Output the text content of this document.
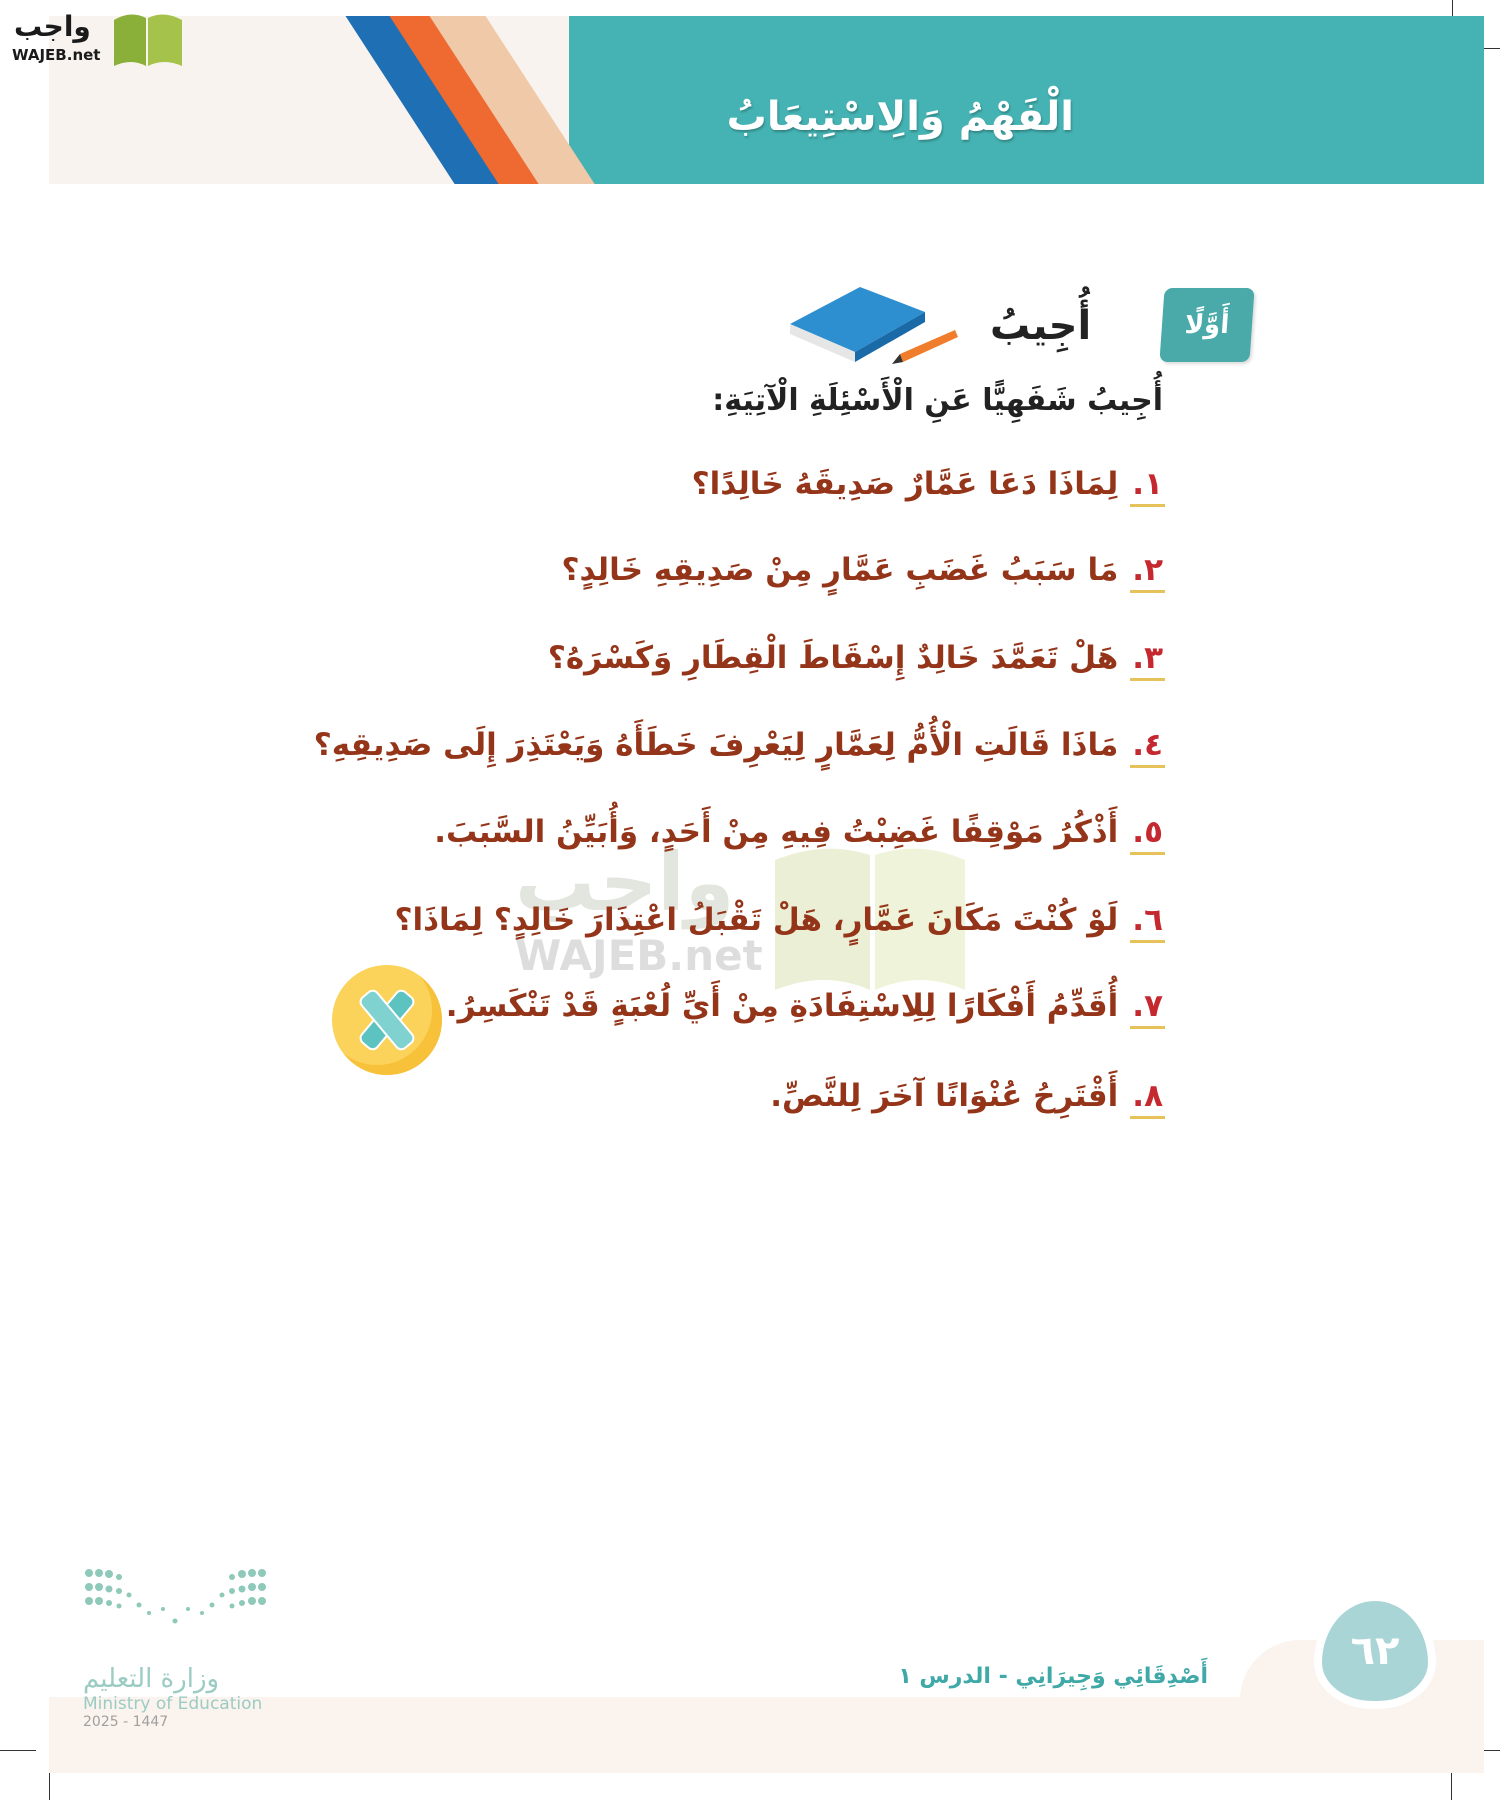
الْفَهْمُ وَالِاسْتِيعَابُ
واجب
WAJEB.net
أَوَّلًا
أُجِيبُ
أُجِيبُ شَفَهِيًّا عَنِ الْأَسْئِلَةِ الْآتِيَةِ:
واجب
WAJEB.net
١.لِمَاذَا دَعَا عَمَّارٌ صَدِيقَهُ خَالِدًا؟
٢.مَا سَبَبُ غَضَبِ عَمَّارٍ مِنْ صَدِيقِهِ خَالِدٍ؟
٣.هَلْ تَعَمَّدَ خَالِدٌ إِسْقَاطَ الْقِطَارِ وَكَسْرَهُ؟
٤.مَاذَا قَالَتِ الْأُمُّ لِعَمَّارٍ لِيَعْرِفَ خَطَأَهُ وَيَعْتَذِرَ إِلَى صَدِيقِهِ؟
٥.أَذْكُرُ مَوْقِفًا غَضِبْتُ فِيهِ مِنْ أَحَدٍ، وَأُبَيِّنُ السَّبَبَ.
٦.لَوْ كُنْتَ مَكَانَ عَمَّارٍ، هَلْ تَقْبَلُ اعْتِذَارَ خَالِدٍ؟ لِمَاذَا؟
٧.أُقَدِّمُ أَفْكَارًا لِلِاسْتِفَادَةِ مِنْ أَيِّ لُعْبَةٍ قَدْ تَنْكَسِرُ.
٨.أَقْتَرِحُ عُنْوَانًا آخَرَ لِلنَّصِّ.
٦٢
أَصْدِقَائِي وَجِيرَانِي - الدرس ١
وزارة التعليم
Ministry of Education
2025 - 1447
